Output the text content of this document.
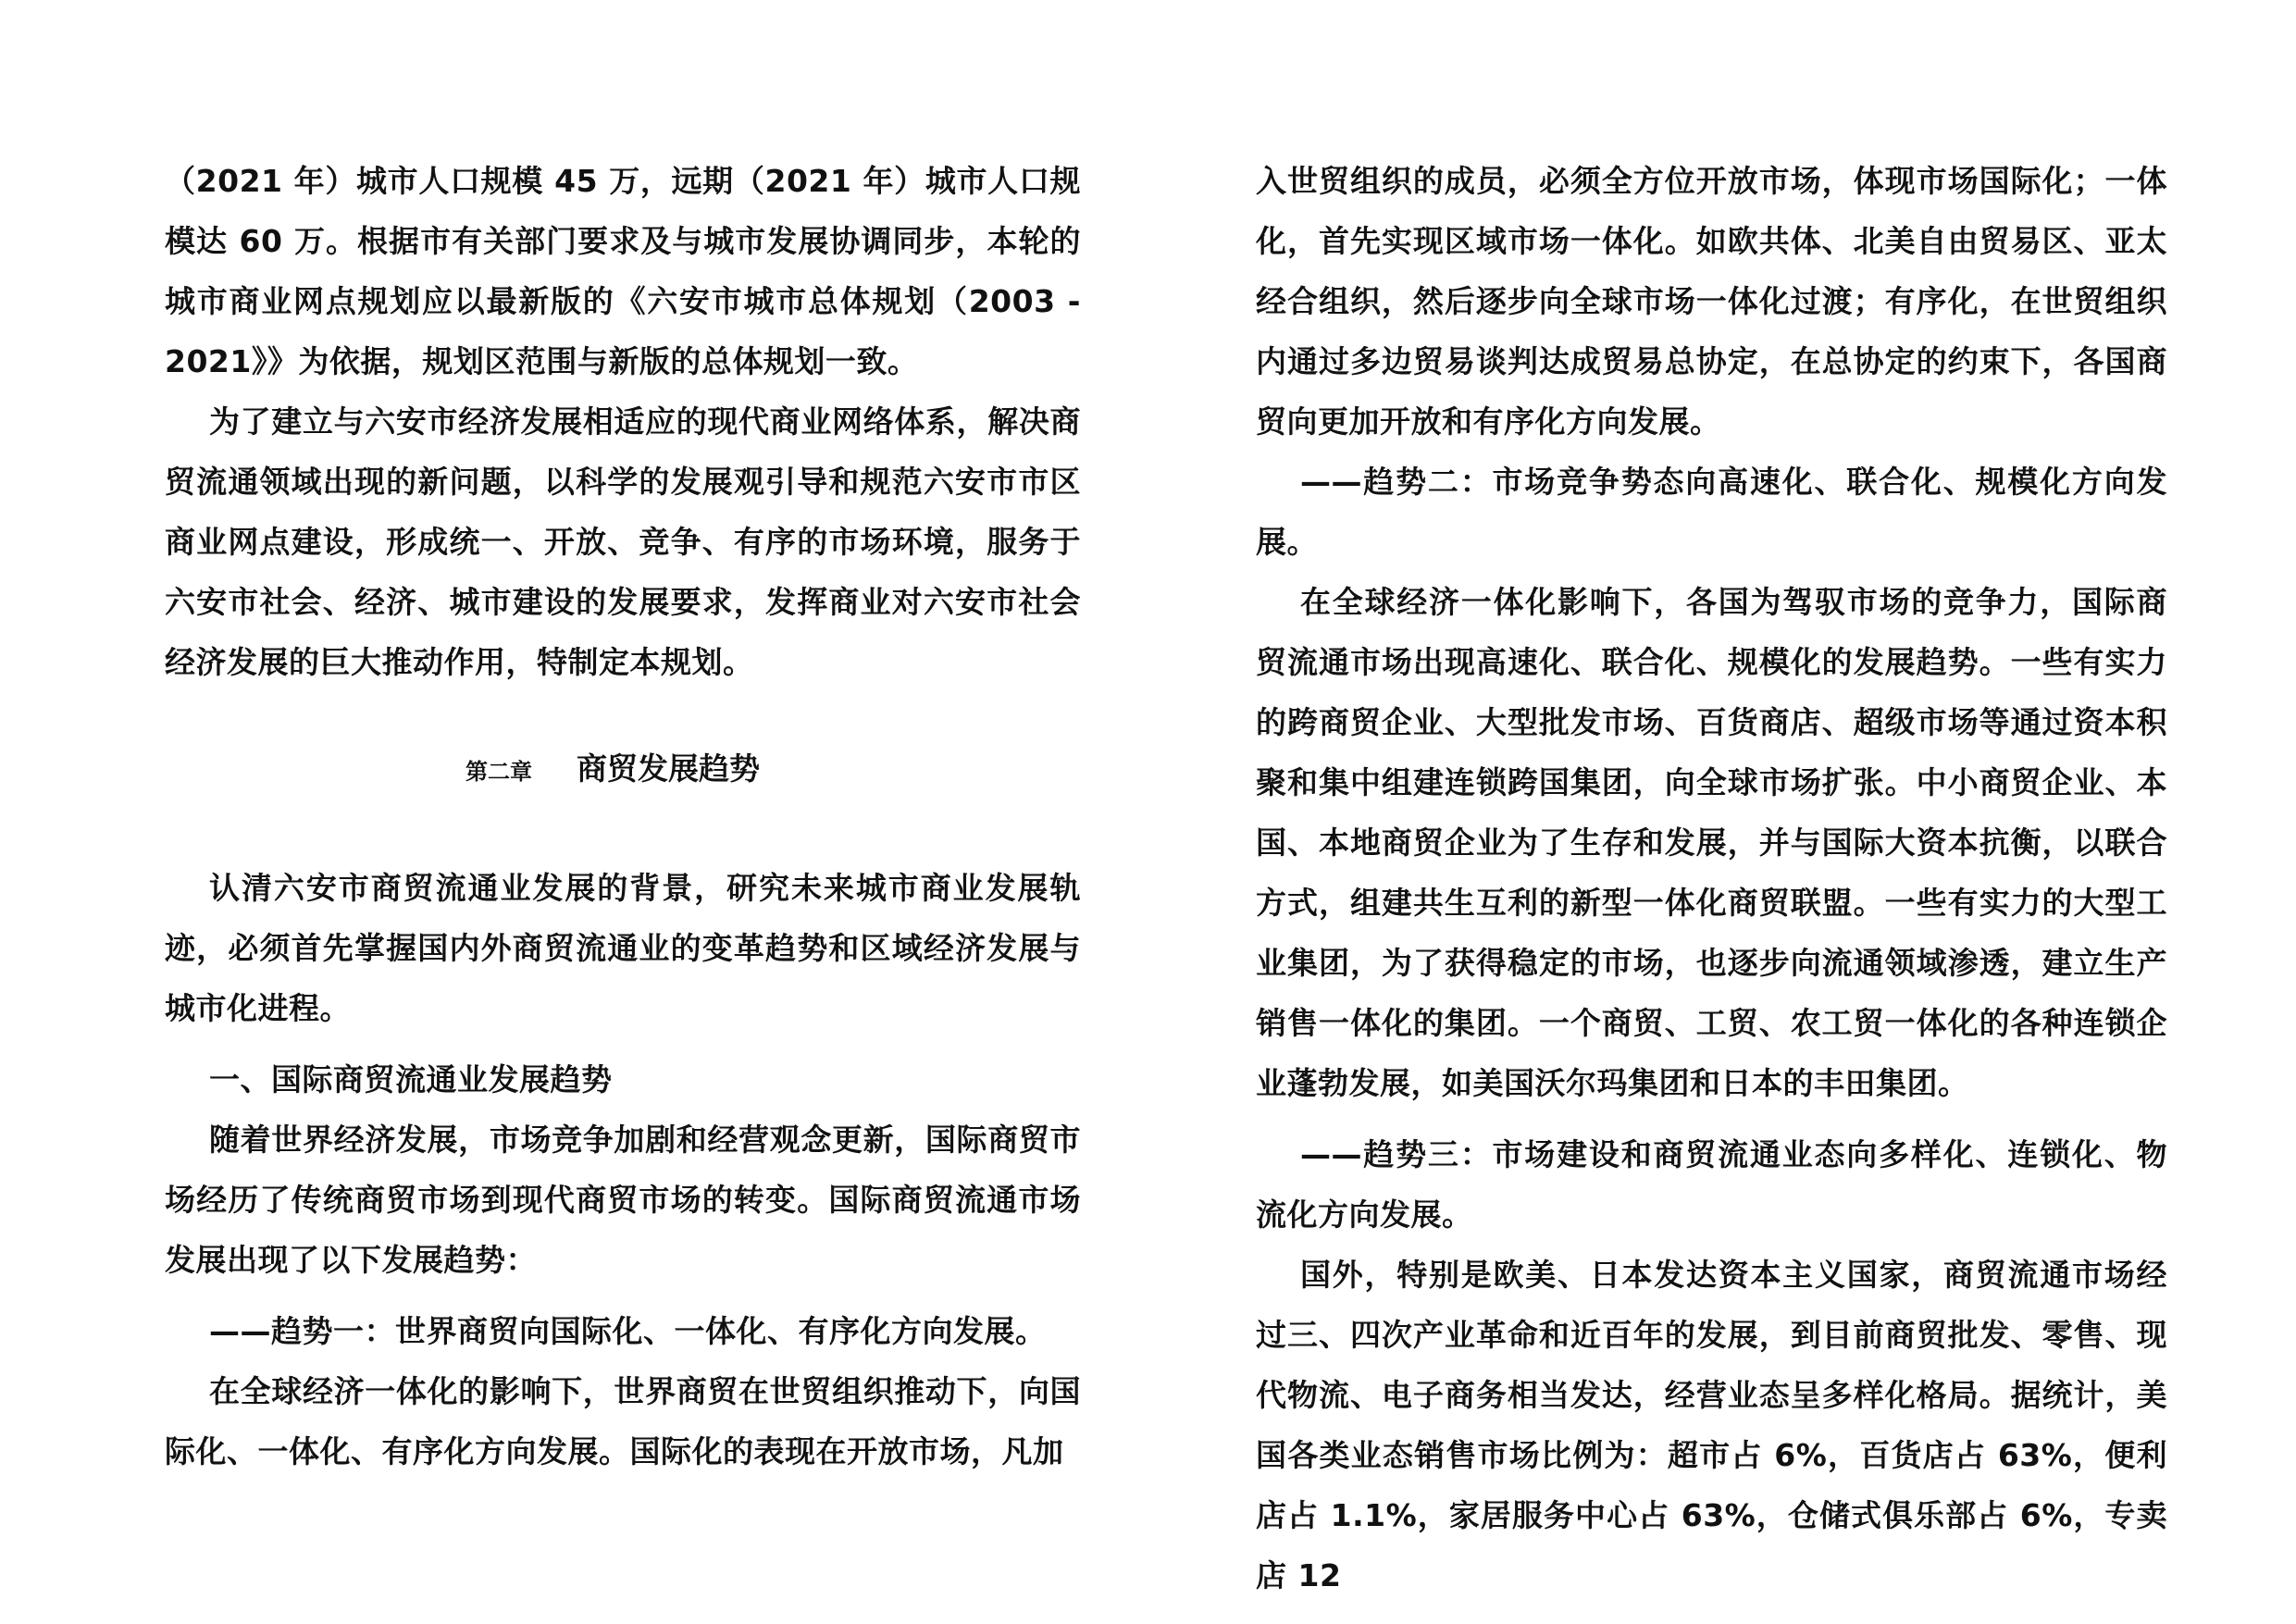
（2021 年）城市人口规模 45 万，远期（2021 年）城市人口规模达 60 万。根据市有关部门要求及与城市发展协调同步，本轮的城市商业网点规划应以最新版的《六安市城市总体规划（2003 - 2021》》为依据，规划区范围与新版的总体规划一致。

为了建立与六安市经济发展相适应的现代商业网络体系，解决商贸流通领域出现的新问题，以科学的发展观引导和规范六安市市区商业网点建设，形成统一、开放、竞争、有序的市场环境，服务于六安市社会、经济、城市建设的发展要求，发挥商业对六安市社会经济发展的巨大推动作用，特制定本规划。

第二章 商贸发展趋势

认清六安市商贸流通业发展的背景，研究未来城市商业发展轨迹，必须首先掌握国内外商贸流通业的变革趋势和区域经济发展与城市化进程。

一、国际商贸流通业发展趋势

随着世界经济发展，市场竞争加剧和经营观念更新，国际商贸市场经历了传统商贸市场到现代商贸市场的转变。国际商贸流通市场发展出现了以下发展趋势：

——趋势一：世界商贸向国际化、一体化、有序化方向发展。

在全球经济一体化的影响下，世界商贸在世贸组织推动下，向国际化、一体化、有序化方向发展。国际化的表现在开放市场，凡加

入世贸组织的成员，必须全方位开放市场，体现市场国际化；一体化，首先实现区域市场一体化。如欧共体、北美自由贸易区、亚太经合组织，然后逐步向全球市场一体化过渡；有序化，在世贸组织内通过多边贸易谈判达成贸易总协定，在总协定的约束下，各国商贸向更加开放和有序化方向发展。

——趋势二：市场竞争势态向高速化、联合化、规模化方向发展。

在全球经济一体化影响下，各国为驾驭市场的竞争力，国际商贸流通市场出现高速化、联合化、规模化的发展趋势。一些有实力的跨商贸企业、大型批发市场、百货商店、超级市场等通过资本积聚和集中组建连锁跨国集团，向全球市场扩张。中小商贸企业、本国、本地商贸企业为了生存和发展，并与国际大资本抗衡，以联合方式，组建共生互利的新型一体化商贸联盟。一些有实力的大型工业集团，为了获得稳定的市场，也逐步向流通领域渗透，建立生产销售一体化的集团。一个商贸、工贸、农工贸一体化的各种连锁企业蓬勃发展，如美国沃尔玛集团和日本的丰田集团。

——趋势三：市场建设和商贸流通业态向多样化、连锁化、物流化方向发展。

国外，特别是欧美、日本发达资本主义国家，商贸流通市场经过三、四次产业革命和近百年的发展，到目前商贸批发、零售、现代物流、电子商务相当发达，经营业态呈多样化格局。据统计，美国各类业态销售市场比例为：超市占 6%，百货店占 63%，便利店占 1.1%，家居服务中心占 63%，仓储式俱乐部占 6%，专卖店 12
